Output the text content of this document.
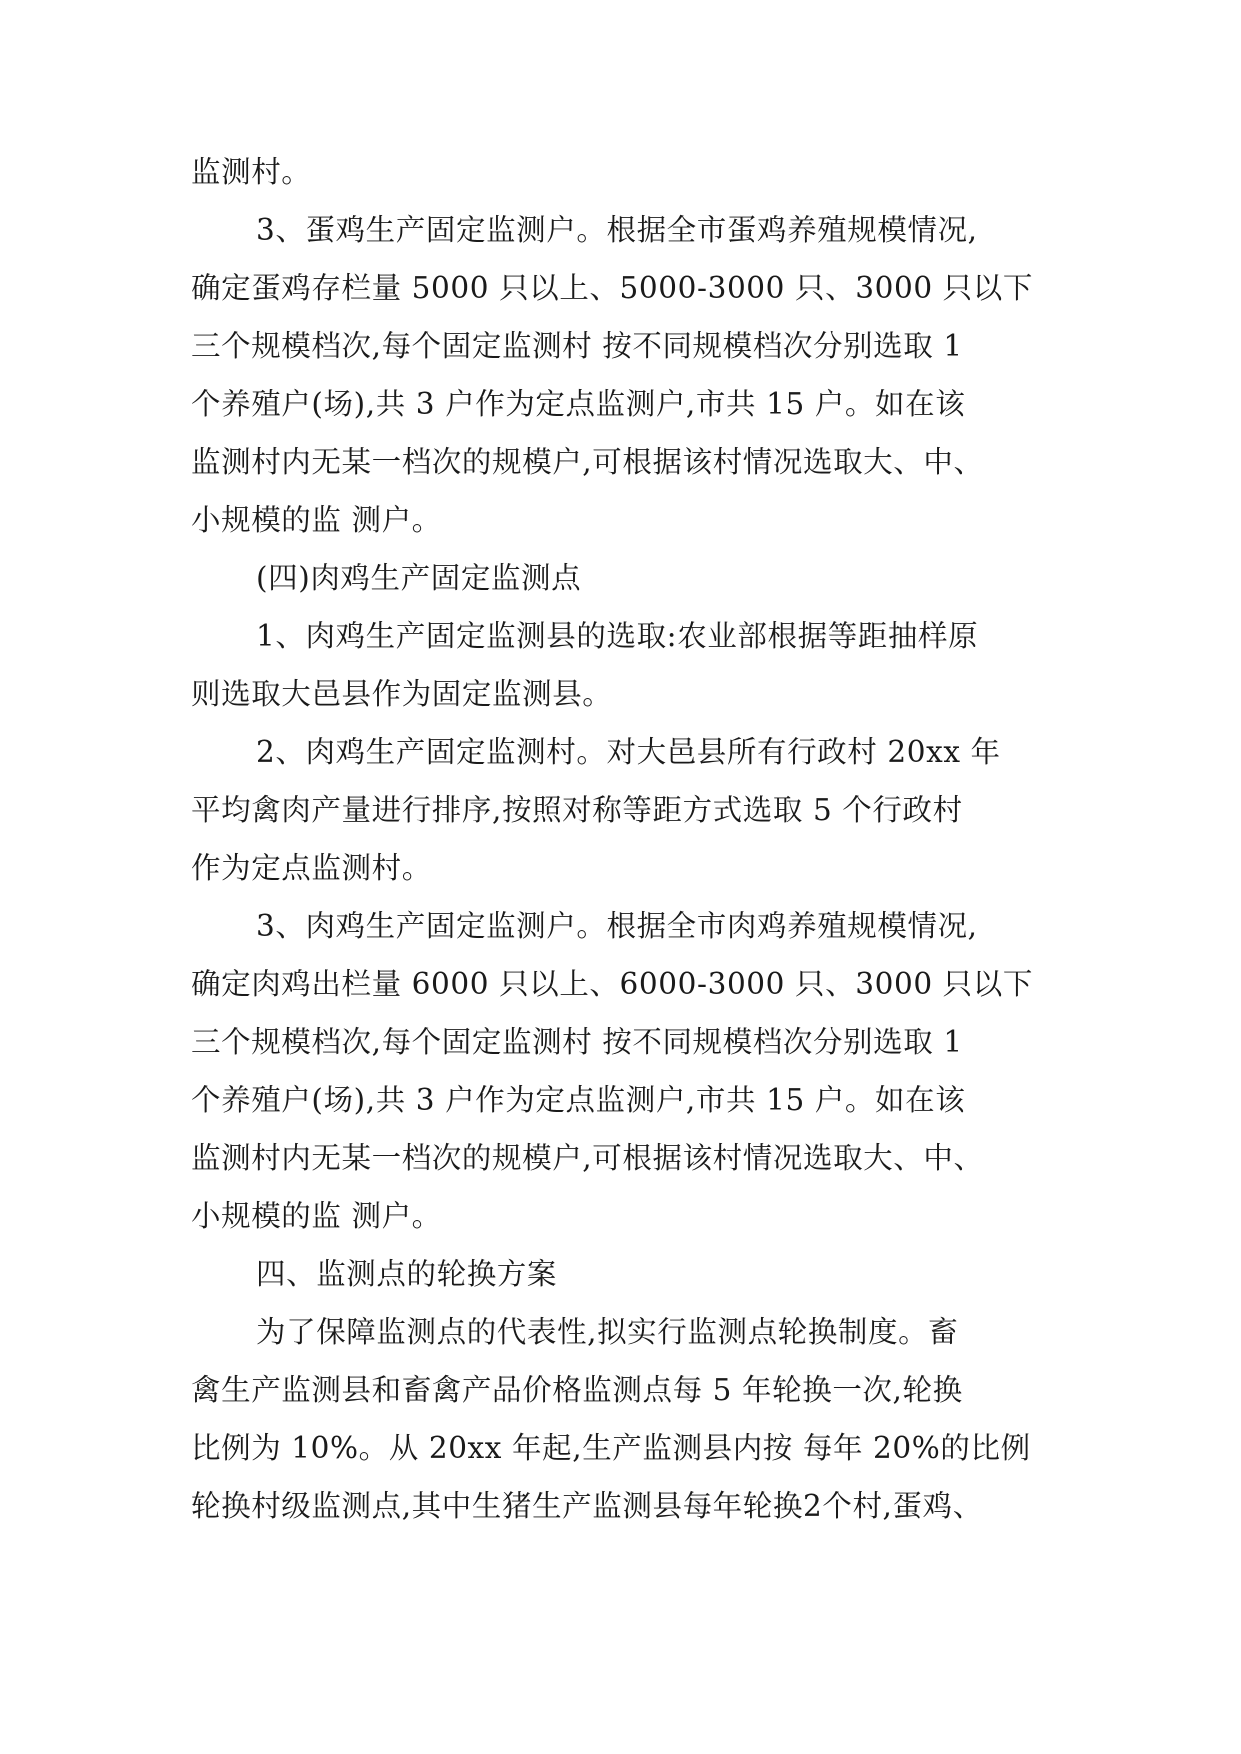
监测村。
3、蛋鸡生产固定监测户。根据全市蛋鸡养殖规模情况,
确定蛋鸡存栏量 5000 只以上、5000-3000 只、3000 只以下
三个规模档次,每个固定监测村 按不同规模档次分别选取 1
个养殖户(场),共 3 户作为定点监测户,市共 15 户。如在该
监测村内无某一档次的规模户,可根据该村情况选取大、中、
小规模的监 测户。
(四)肉鸡生产固定监测点
1、肉鸡生产固定监测县的选取:农业部根据等距抽样原
则选取大邑县作为固定监测县。
2、肉鸡生产固定监测村。对大邑县所有行政村 20xx 年
平均禽肉产量进行排序,按照对称等距方式选取 5 个行政村
作为定点监测村。
3、肉鸡生产固定监测户。根据全市肉鸡养殖规模情况,
确定肉鸡出栏量 6000 只以上、6000-3000 只、3000 只以下
三个规模档次,每个固定监测村 按不同规模档次分别选取 1
个养殖户(场),共 3 户作为定点监测户,市共 15 户。如在该
监测村内无某一档次的规模户,可根据该村情况选取大、中、
小规模的监 测户。
四、监测点的轮换方案
为了保障监测点的代表性,拟实行监测点轮换制度。畜
禽生产监测县和畜禽产品价格监测点每 5 年轮换一次,轮换
比例为 10%。从 20xx 年起,生产监测县内按 每年 20%的比例
轮换村级监测点,其中生猪生产监测县每年轮换2个村,蛋鸡、
